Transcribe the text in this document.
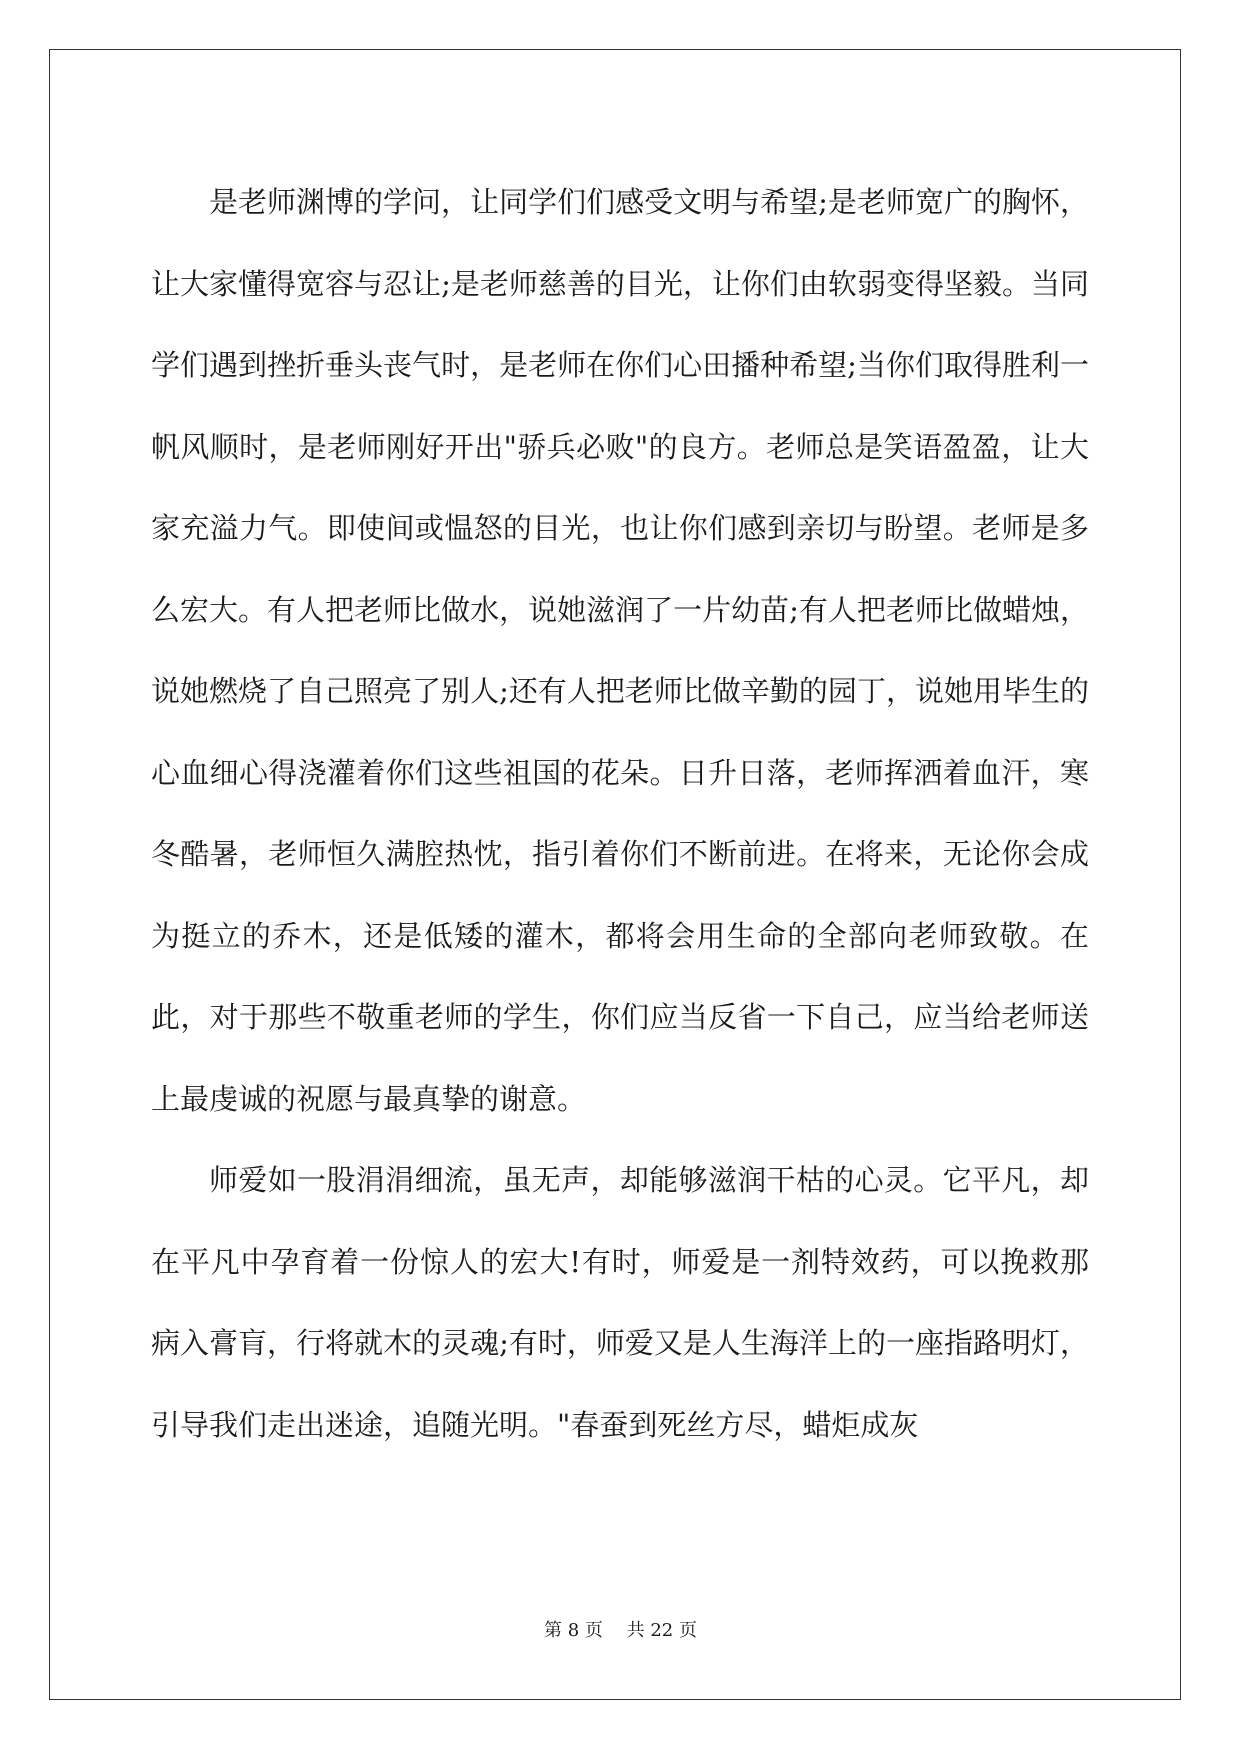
是老师渊博的学问，让同学们们感受文明与希望;是老师宽广的胸怀，让大家懂得宽容与忍让;是老师慈善的目光，让你们由软弱变得坚毅。当同学们遇到挫折垂头丧气时，是老师在你们心田播种希望;当你们取得胜利一帆风顺时，是老师刚好开出"骄兵必败"的良方。老师总是笑语盈盈，让大家充溢力气。即使间或愠怒的目光，也让你们感到亲切与盼望。老师是多么宏大。有人把老师比做水，说她滋润了一片幼苗;有人把老师比做蜡烛，说她燃烧了自己照亮了别人;还有人把老师比做辛勤的园丁，说她用毕生的心血细心得浇灌着你们这些祖国的花朵。日升日落，老师挥洒着血汗，寒冬酷暑，老师恒久满腔热忱，指引着你们不断前进。在将来，无论你会成为挺立的乔木，还是低矮的灌木，都将会用生命的全部向老师致敬。在此，对于那些不敬重老师的学生，你们应当反省一下自己，应当给老师送上最虔诚的祝愿与最真挚的谢意。

师爱如一股涓涓细流，虽无声，却能够滋润干枯的心灵。它平凡，却在平凡中孕育着一份惊人的宏大!有时，师爱是一剂特效药，可以挽救那病入膏肓，行将就木的灵魂;有时，师爱又是人生海洋上的一座指路明灯，引导我们走出迷途，追随光明。"春蚕到死丝方尽，蜡炬成灰

第 8 页　 共 22 页
